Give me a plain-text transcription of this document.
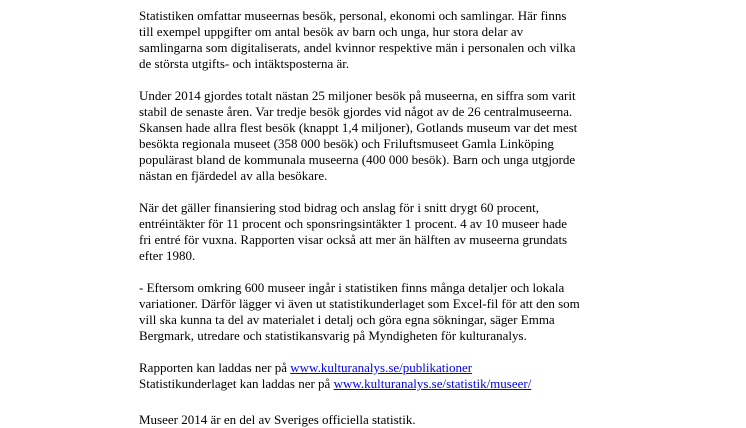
Statistiken omfattar museernas besök, personal, ekonomi och samlingar. Här finns
till exempel uppgifter om antal besök av barn och unga, hur stora delar av
samlingarna som digitaliserats, andel kvinnor respektive män i personalen och vilka
de största utgifts- och intäktsposterna är.

Under 2014 gjordes totalt nästan 25 miljoner besök på museerna, en siffra som varit
stabil de senaste åren. Var tredje besök gjordes vid något av de 26 centralmuseerna.
Skansen hade allra flest besök (knappt 1,4 miljoner), Gotlands museum var det mest
besökta regionala museet (358 000 besök) och Friluftsmuseet Gamla Linköping
populärast bland de kommunala museerna (400 000 besök). Barn och unga utgjorde
nästan en fjärdedel av alla besökare.

När det gäller finansiering stod bidrag och anslag för i snitt drygt 60 procent,
entréintäkter för 11 procent och sponsringsintäkter 1 procent. 4 av 10 museer hade
fri entré för vuxna. Rapporten visar också att mer än hälften av museerna grundats
efter 1980.

- Eftersom omkring 600 museer ingår i statistiken finns många detaljer och lokala
variationer. Därför lägger vi även ut statistikunderlaget som Excel-fil för att den som
vill ska kunna ta del av materialet i detalj och göra egna sökningar, säger Emma
Bergmark, utredare och statistikansvarig på Myndigheten för kulturanalys.

Rapporten kan laddas ner på www.kulturanalys.se/publikationer
Statistikunderlaget kan laddas ner på www.kulturanalys.se/statistik/museer/

Museer 2014 är en del av Sveriges officiella statistik.
